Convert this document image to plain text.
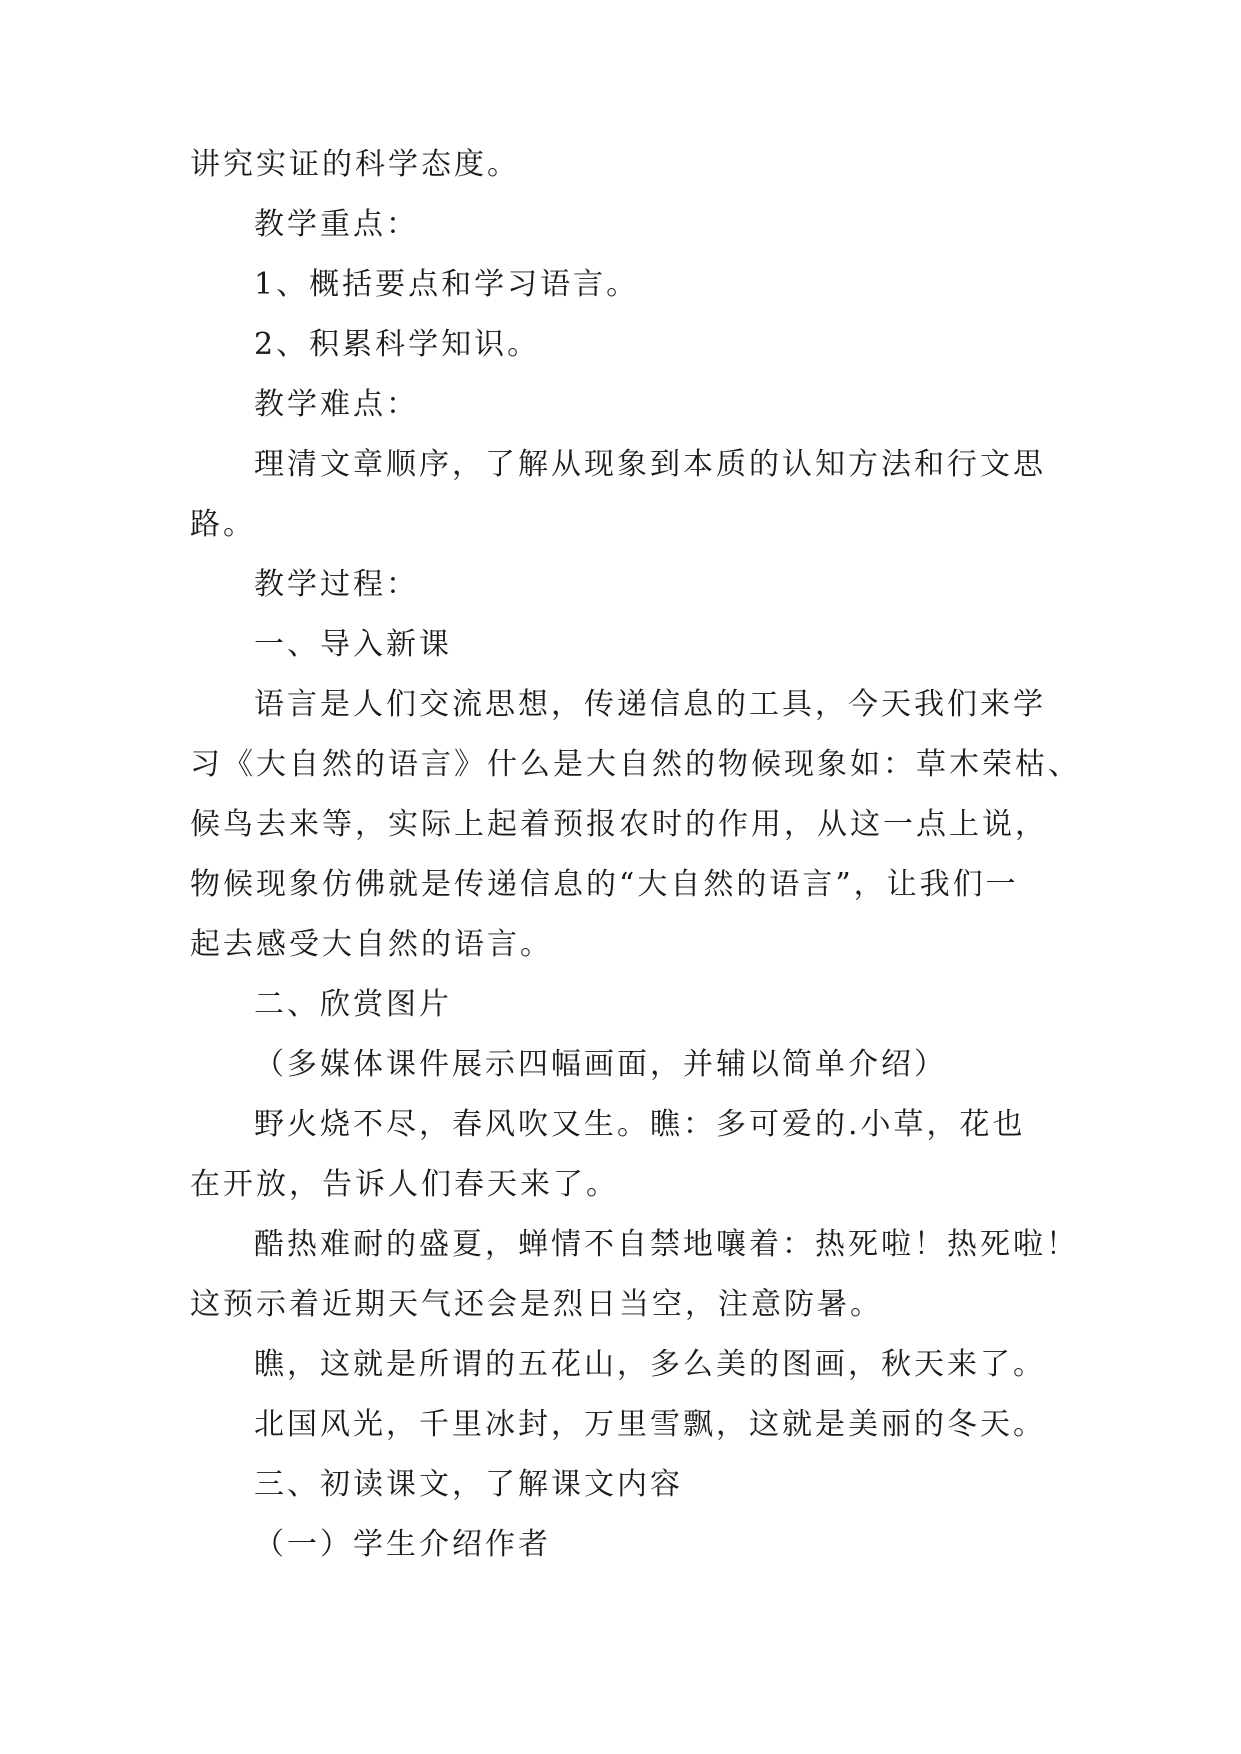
讲究实证的科学态度。
教学重点：
1、概括要点和学习语言。
2、积累科学知识。
教学难点：
理清文章顺序，了解从现象到本质的认知方法和行文思
路。
教学过程：
一、导入新课
语言是人们交流思想，传递信息的工具，今天我们来学
习《大自然的语言》什么是大自然的物候现象如：草木荣枯、
候鸟去来等，实际上起着预报农时的作用，从这一点上说，
物候现象仿佛就是传递信息的“大自然的语言”，让我们一
起去感受大自然的语言。
二、欣赏图片
（多媒体课件展示四幅画面，并辅以简单介绍）
野火烧不尽，春风吹又生。瞧：多可爱的.小草，花也
在开放，告诉人们春天来了。
酷热难耐的盛夏，蝉情不自禁地嚷着：热死啦！热死啦！
这预示着近期天气还会是烈日当空，注意防暑。
瞧，这就是所谓的五花山，多么美的图画，秋天来了。
北国风光，千里冰封，万里雪飘，这就是美丽的冬天。
三、初读课文，了解课文内容
（一）学生介绍作者
